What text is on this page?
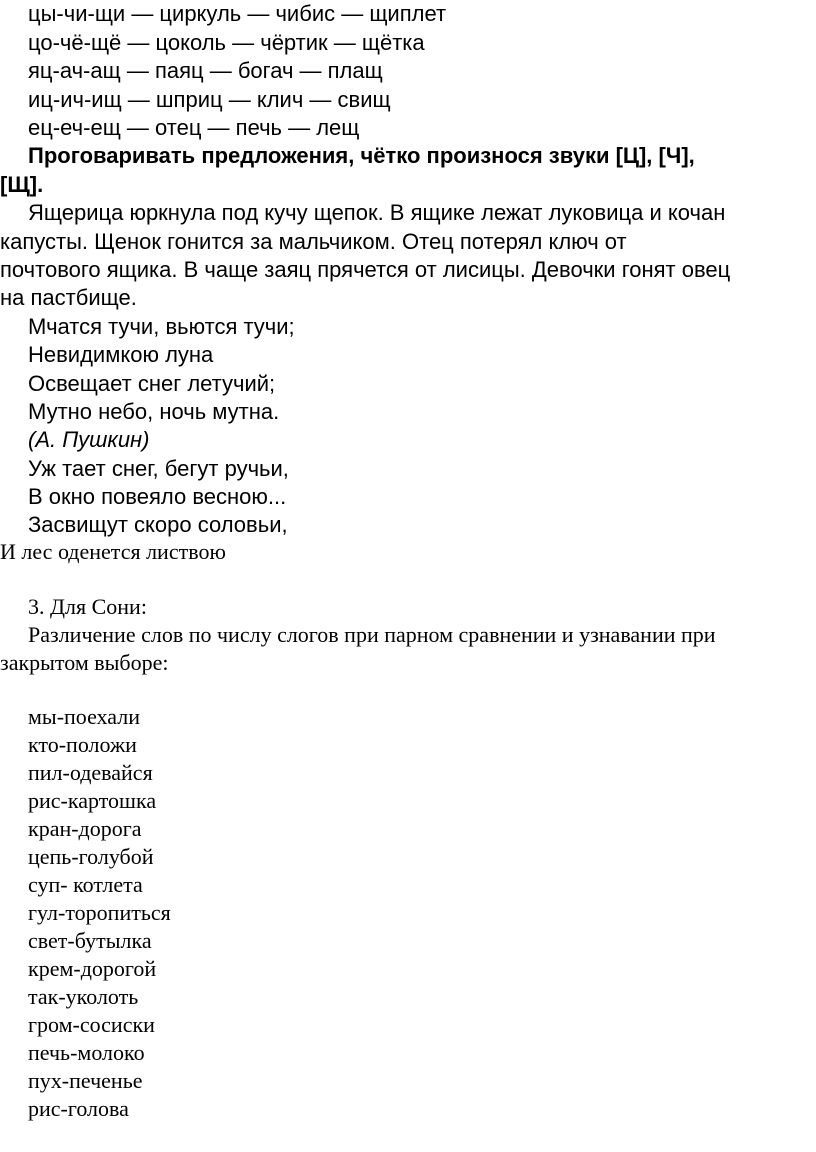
цы-чи-щи — циркуль — чибис — щиплет
цо-чё-щё — цоколь — чёртик — щётка
яц-ач-ащ — паяц — богач — плащ
иц-ич-ищ — шприц — клич — свищ
ец-еч-ещ — отец — печь — лещ
Проговаривать предложения, чётко произнося звуки [Ц], [Ч],
[Щ].
Ящерица юркнула под кучу щепок. В ящике лежат луковица и кочан
капусты. Щенок гонится за мальчиком. Отец потерял ключ от
почтового ящика. В чаще заяц прячется от лисицы. Девочки гонят овец
на пастбище.
Мчатся тучи, вьются тучи;
Невидимкою луна
Освещает снег летучий;
Мутно небо, ночь мутна.
(А. Пушкин)
Уж тает снег, бегут ручьи,
В окно повеяло весною...
Засвищут скоро соловьи,
И лес оденется листвою
3. Для Сони:
Различение слов по числу слогов при парном сравнении и узнавании при
закрытом выборе:
мы-поехали
кто-положи
пил-одевайся
рис-картошка
кран-дорога
цепь-голубой
суп- котлета
гул-торопиться
свет-бутылка
крем-дорогой
так-уколоть
гром-сосиски
печь-молоко
пух-печенье
рис-голова
